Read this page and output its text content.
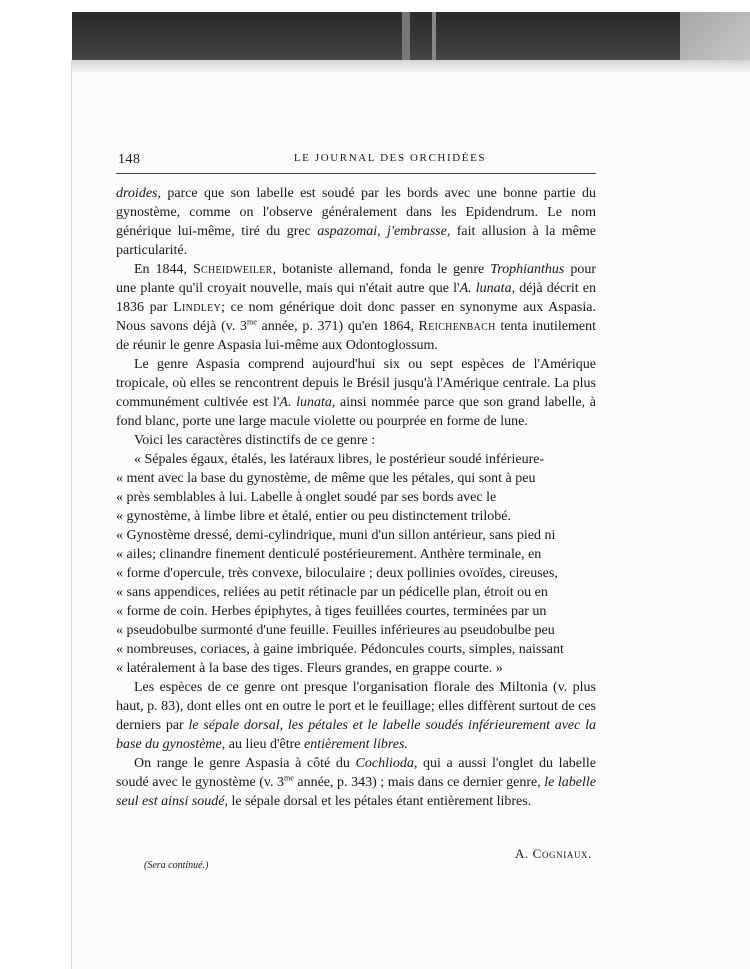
148	LE JOURNAL DES ORCHIDÉES

droides, parce que son labelle est soudé par les bords avec une bonne partie du gynostème, comme on l'observe généralement dans les Epidendrum. Le nom générique lui-même, tiré du grec aspazomai, j'embrasse, fait allusion à la même particularité.

En 1844, Scheidweiler, botaniste allemand, fonda le genre Trophianthus pour une plante qu'il croyait nouvelle, mais qui n'était autre que l'A. lunata, déjà décrit en 1836 par Lindley; ce nom générique doit donc passer en synonyme aux Aspasia. Nous savons déjà (v. $3^{me}$ année, p. 371) qu'en 1864, Reichenbach tenta inutilement de réunir le genre Aspasia lui-même aux Odontoglossum.

Le genre Aspasia comprend aujourd'hui six ou sept espèces de l'Amérique tropicale, où elles se rencontrent depuis le Brésil jusqu'à l'Amérique centrale. La plus communément cultivée est l'A. lunata, ainsi nommée parce que son grand labelle, à fond blanc, porte une large macule violette ou pourprée en forme de lune.

Voici les caractères distinctifs de ce genre :

« Sépales égaux, étalés, les latéraux libres, le postérieur soudé inférieure-

« ment avec la base du gynostème, de même que les pétales, qui sont à peu

« près semblables à lui. Labelle à onglet soudé par ses bords avec le

« gynostème, à limbe libre et étalé, entier ou peu distinctement trilobé.

« Gynostème dressé, demi-cylindrique, muni d'un sillon antérieur, sans pied ni

« ailes; clinandre finement denticulé postérieurement. Anthère terminale, en

« forme d'opercule, très convexe, biloculaire ; deux pollinies ovoïdes, cireuses,

« sans appendices, reliées au petit rétinacle par un pédicelle plan, étroit ou en

« forme de coin. Herbes épiphytes, à tiges feuillées courtes, terminées par un

« pseudobulbe surmonté d'une feuille. Feuilles inférieures au pseudobulbe peu

« nombreuses, coriaces, à gaine imbriquée. Pédoncules courts, simples, naissant

« latéralement à la base des tiges. Fleurs grandes, en grappe courte. »

Les espèces de ce genre ont presque l'organisation florale des Miltonia (v. plus haut, p. 83), dont elles ont en outre le port et le feuillage; elles diffèrent surtout de ces derniers par le sépale dorsal, les pétales et le labelle soudés inférieurement avec la base du gynostème, au lieu d'être entièrement libres.

On range le genre Aspasia à côté du Cochlioda, qui a aussi l'onglet du labelle soudé avec le gynostème (v. $3^{me}$ année, p. 343) ; mais dans ce dernier genre, le labelle seul est ainsi soudé, le sépale dorsal et les pétales étant entièrement libres.

(Sera continué.)
A. Cogniaux.
